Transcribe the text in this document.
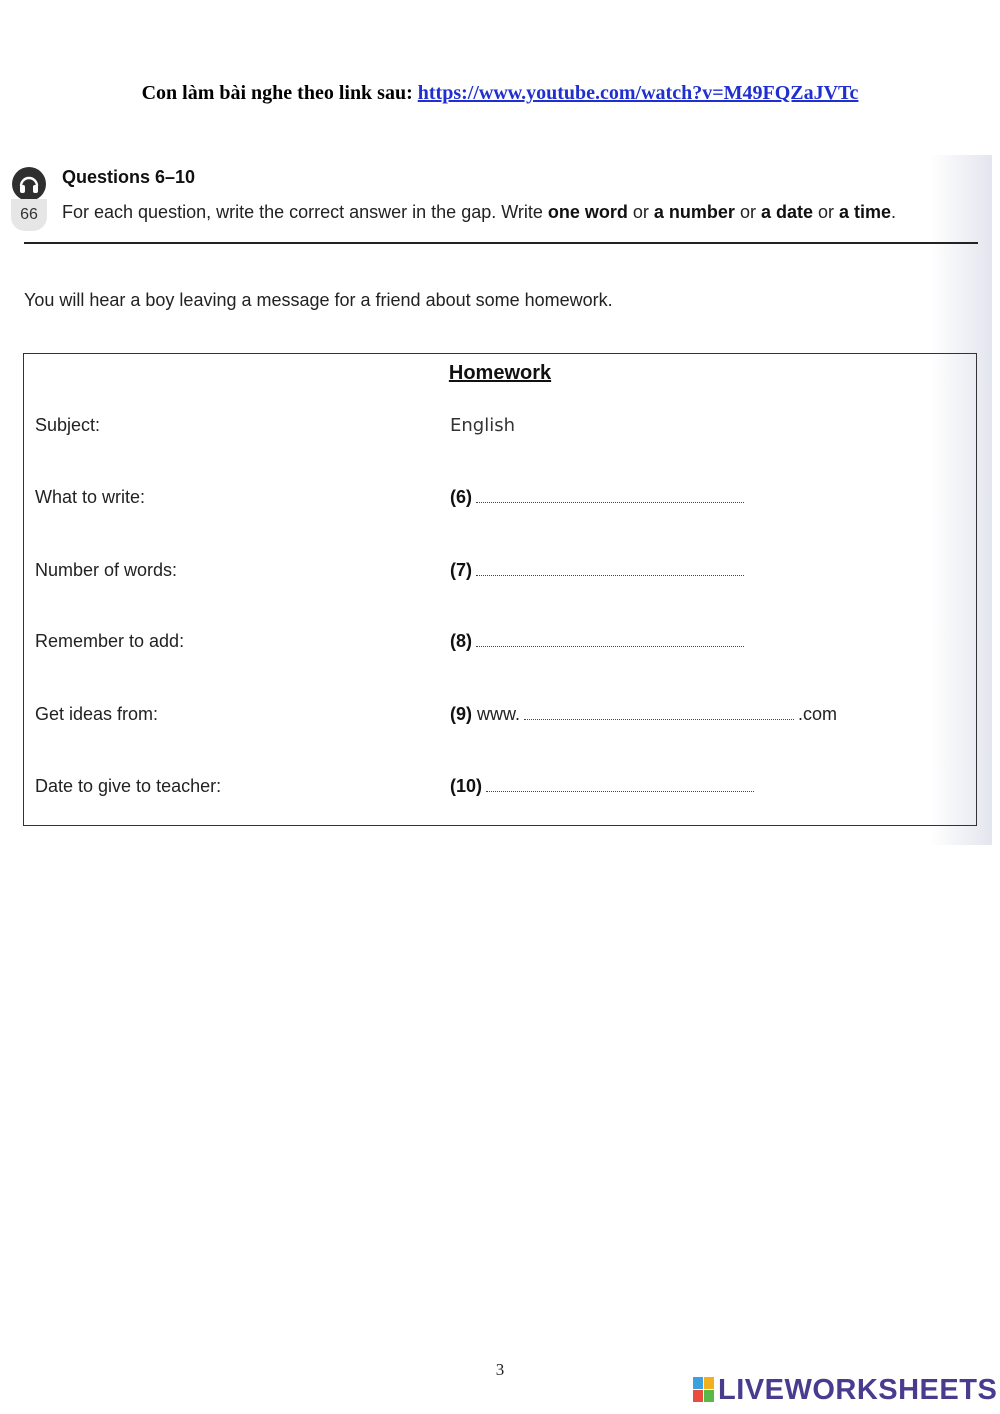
Con làm bài nghe theo link sau: https://www.youtube.com/watch?v=M49FQZaJVTc
66
Questions 6–10
For each question, write the correct answer in the gap. Write one word or a number or a date or a time.
You will hear a boy leaving a message for a friend about some homework.
Homework
Subject:	English
What to write:	(6)
Number of words:	(7)
Remember to add:	(8)
Get ideas from:	(9) www.	.com
Date to give to teacher:	(10)
3
LIVEWORKSHEETS
